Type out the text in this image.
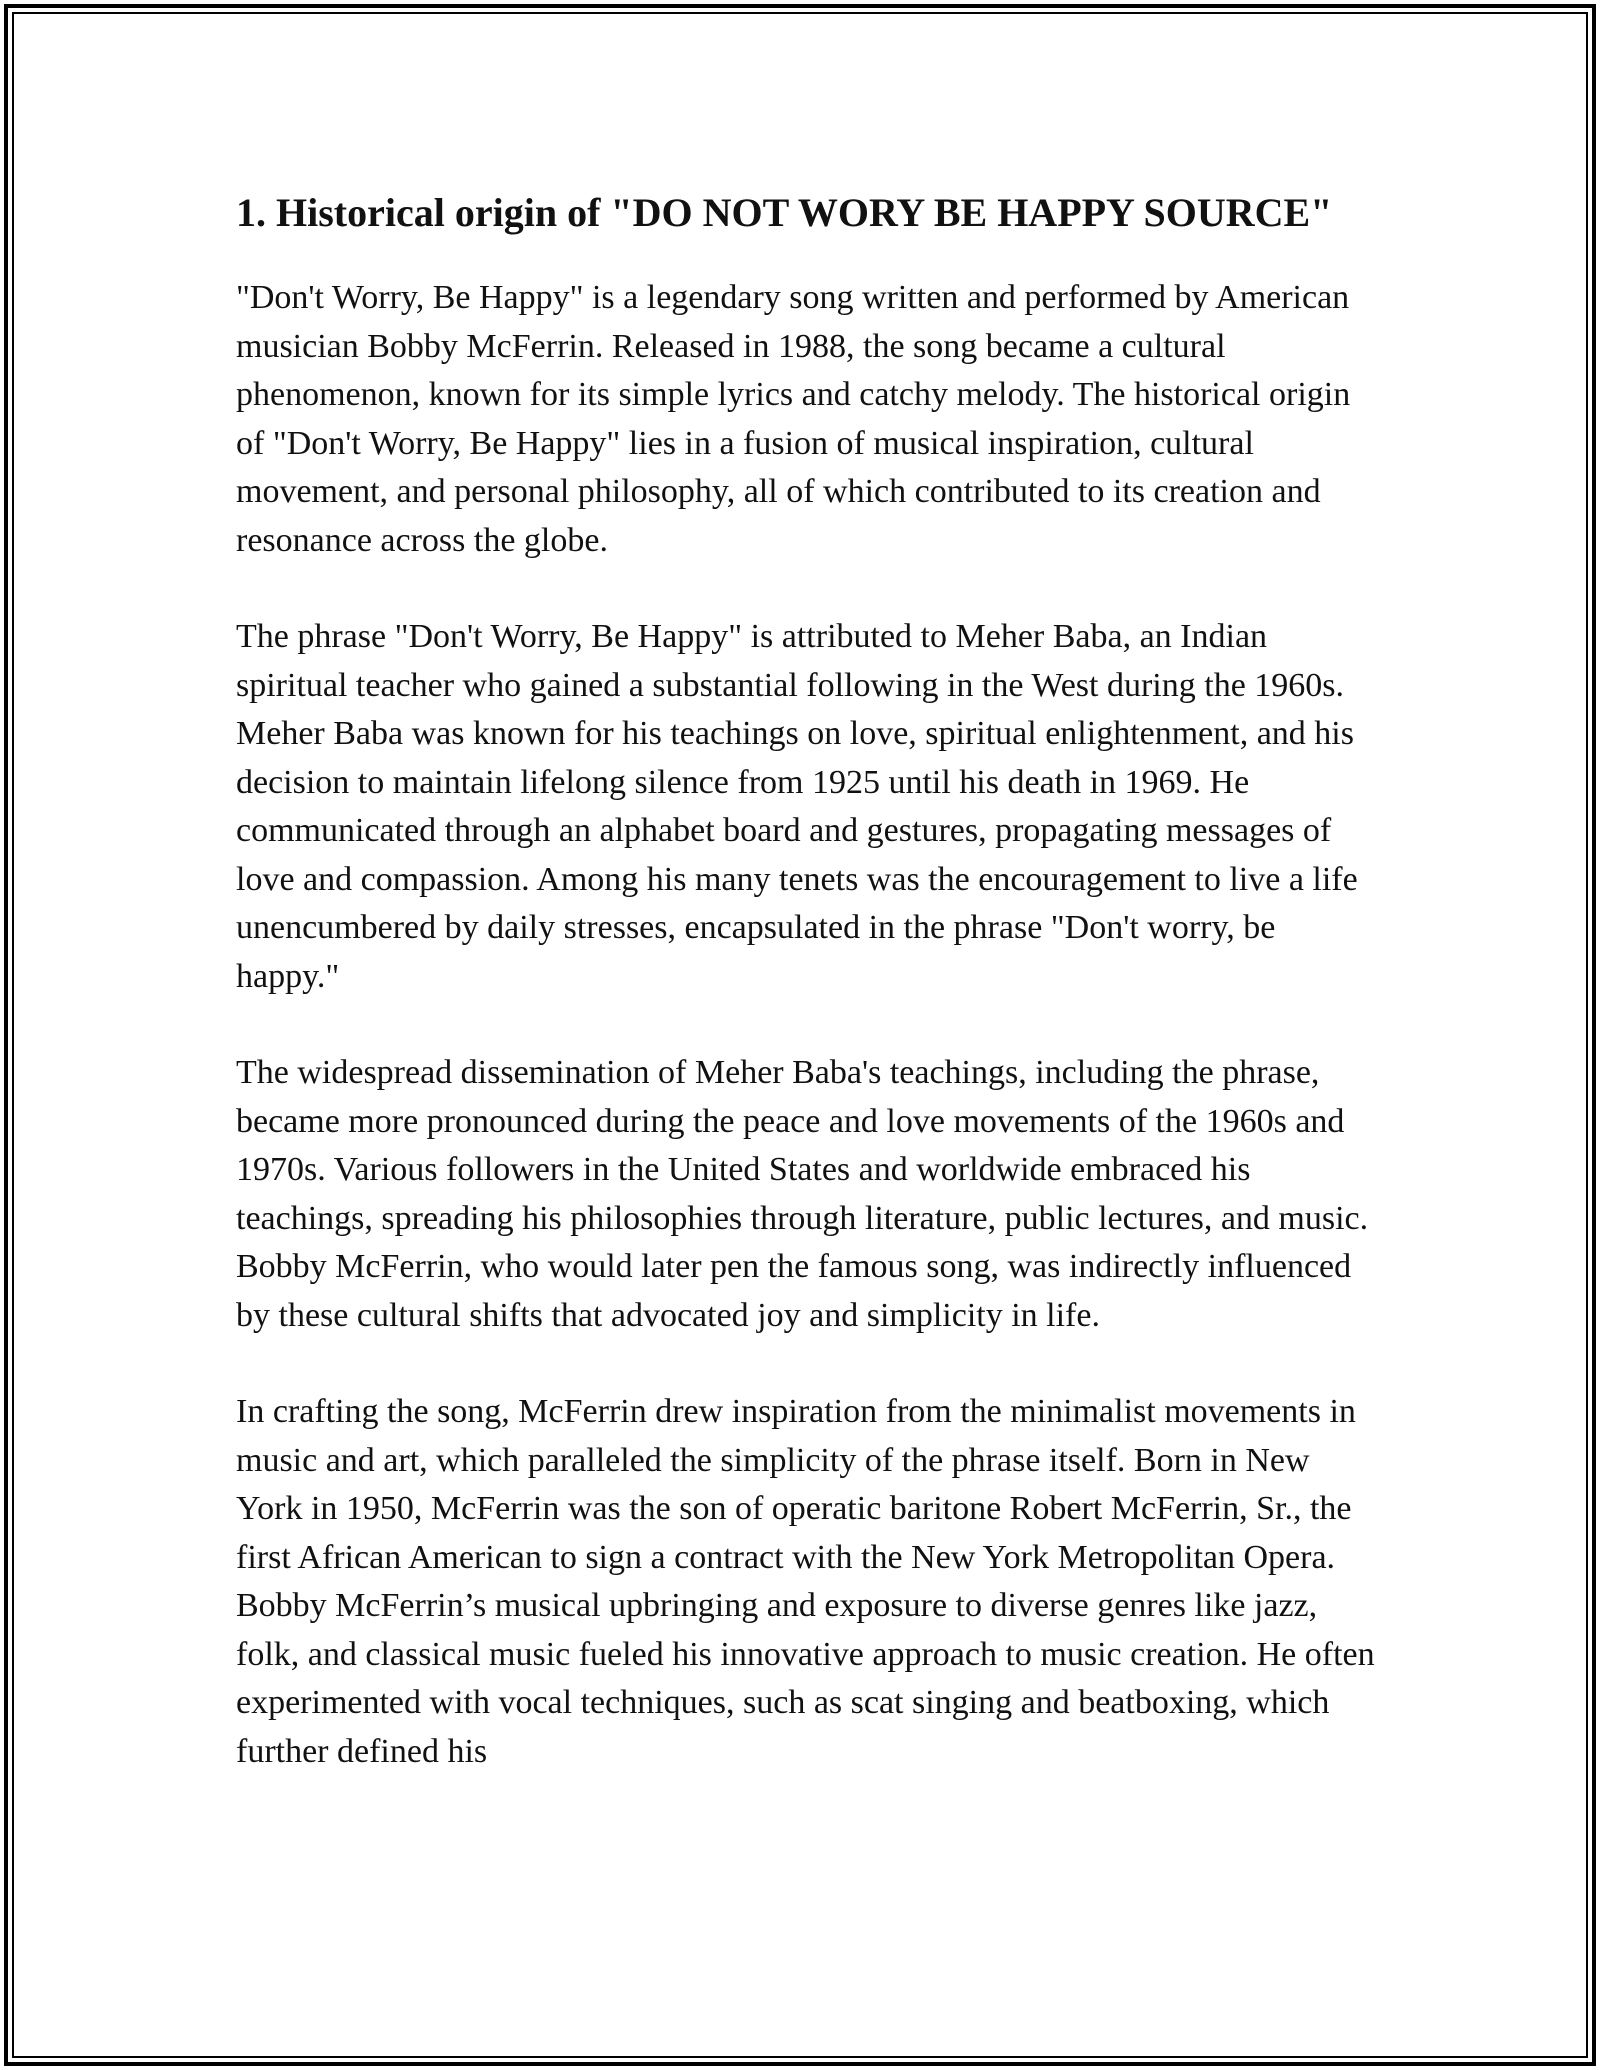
1. Historical origin of "DO NOT WORY BE HAPPY SOURCE"

"Don't Worry, Be Happy" is a legendary song written and performed by American musician Bobby McFerrin. Released in 1988, the song became a cultural phenomenon, known for its simple lyrics and catchy melody. The historical origin of "Don't Worry, Be Happy" lies in a fusion of musical inspiration, cultural movement, and personal philosophy, all of which contributed to its creation and resonance across the globe.

The phrase "Don't Worry, Be Happy" is attributed to Meher Baba, an Indian spiritual teacher who gained a substantial following in the West during the 1960s. Meher Baba was known for his teachings on love, spiritual enlightenment, and his decision to maintain lifelong silence from 1925 until his death in 1969. He communicated through an alphabet board and gestures, propagating messages of love and compassion. Among his many tenets was the encouragement to live a life unencumbered by daily stresses, encapsulated in the phrase "Don't worry, be happy."

The widespread dissemination of Meher Baba's teachings, including the phrase, became more pronounced during the peace and love movements of the 1960s and 1970s. Various followers in the United States and worldwide embraced his teachings, spreading his philosophies through literature, public lectures, and music. Bobby McFerrin, who would later pen the famous song, was indirectly influenced by these cultural shifts that advocated joy and simplicity in life.

In crafting the song, McFerrin drew inspiration from the minimalist movements in music and art, which paralleled the simplicity of the phrase itself. Born in New York in 1950, McFerrin was the son of operatic baritone Robert McFerrin, Sr., the first African American to sign a contract with the New York Metropolitan Opera. Bobby McFerrin’s musical upbringing and exposure to diverse genres like jazz, folk, and classical music fueled his innovative approach to music creation. He often experimented with vocal techniques, such as scat singing and beatboxing, which further defined his
